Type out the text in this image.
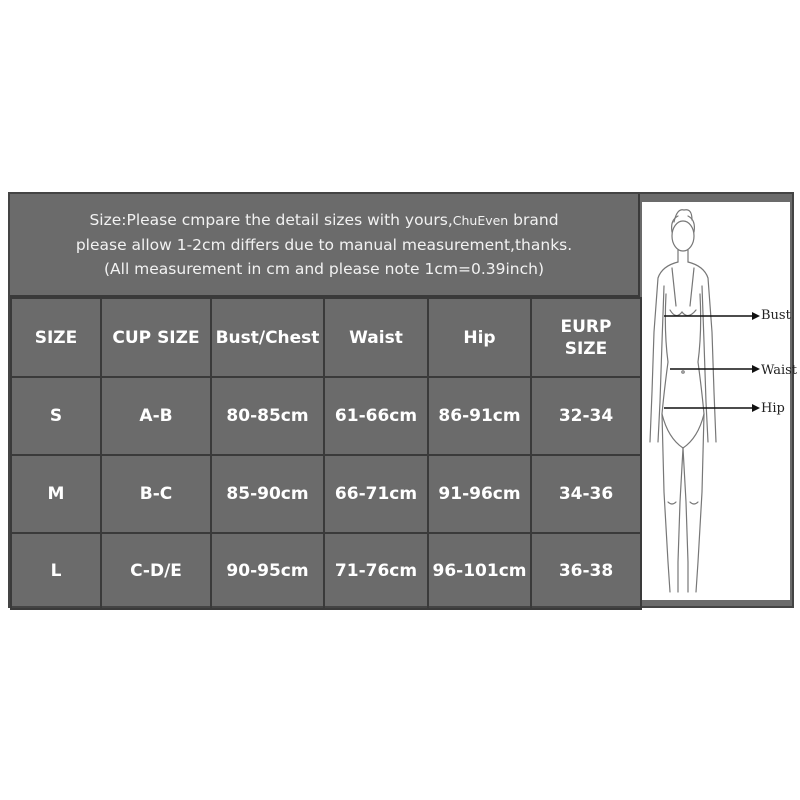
Size:Please cmpare the detail sizes with yours,ChuEven brand
please allow 1-2cm differs due to manual measurement,thanks.
(All measurement in cm and please note 1cm=0.39inch)
SIZE	CUP SIZE	Bust/Chest	Waist	Hip	EURP
SIZE

S	A-B	80-85cm	61-66cm	86-91cm	32-34
M	B-C	85-90cm	66-71cm	91-96cm	34-36
L	C-D/E	90-95cm	71-76cm	96-101cm	36-38
Bust
Waist
Hip
